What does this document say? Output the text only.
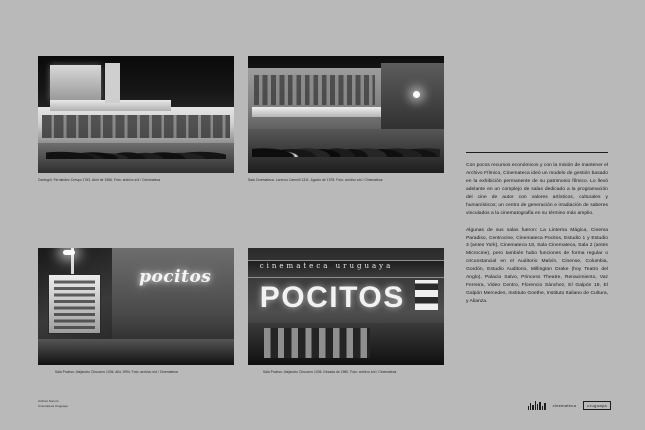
Cantegril. Fernández Crespo 1763. Abril de 1986. Foto: archivo s/d / Cinemateca	Sala Cinemateca. Lorenzo Carnelli 1311. Agosto de 1978. Foto: archivo s/d / Cinemateca
pocitos
Sala Pocitos. Alejandro Chucarro 1036. Año 1994. Foto: archivo s/d / Cinemateca
cinemateca uruguaya
POCITOS
Sala Pocitos. Alejandro Chucarro 1036. Década de 1980. Foto: archivo s/d / Cinemateca

Con pocos recursos económicos y con la misión de mantener el Archivo Fílmico, Cinemateca ideó un modelo de gestión basado en la exhibición permanente de su patrimonio fílmico. Lo llevó adelante en un complejo de salas dedicado a la programación del cine de autor con valores artísticos, culturales y humanísticos; un centro de generación e irradiación de saberes vinculados a la cinematografía en su término más amplio.

Algunas de sus salas fueron: La Linterna Mágica, Cinema Paradiso, Centrocine, Cinemateca Pocitos, Estudio 1 y Estudio 3 (antes York), Cinemateca 18, Sala Cinemateca, Sala 2 (antes Microcine), pero también hubo funciones de forma regular o circunstancial en el Auditorio Malvín, Cinense, Columbia, Gordón, Estudio Auditorio, Millington Drake (hoy Teatro del Anglo), Palacio Salvo, Princess Theatre, Renacimiento, Vaz Ferreira, Video Centro, Florencio Sánchez, El Galpón 18, El Galpón Mercedes, Instituto Goethe, Instituto Italiano de Cultura, y Alianza.

Archivo Sonoro
Cinemateca Uruguaya	cinemateca	uruguaya
